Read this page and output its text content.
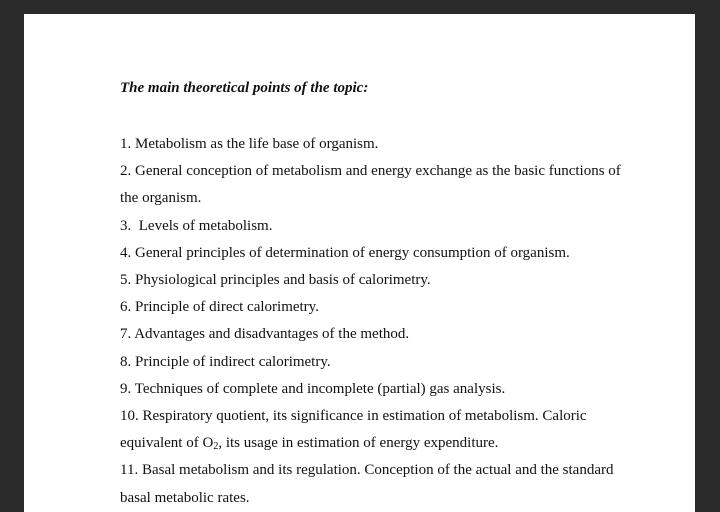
The main theoretical points of the topic:

1. Metabolism as the life base of organism.
2. General conception of metabolism and energy exchange as the basic functions of
the organism.
3. Levels of metabolism.
4. General principles of determination of energy consumption of organism.
5. Physiological principles and basis of calorimetry.
6. Principle of direct calorimetry.
7. Advantages and disadvantages of the method.
8. Principle of indirect calorimetry.
9. Techniques of complete and incomplete (partial) gas analysis.
10. Respiratory quotient, its significance in estimation of metabolism. Caloric
equivalent of $O_2$, its usage in estimation of energy expenditure.
11. Basal metabolism and its regulation. Conception of the actual and the standard
basal metabolic rates.
